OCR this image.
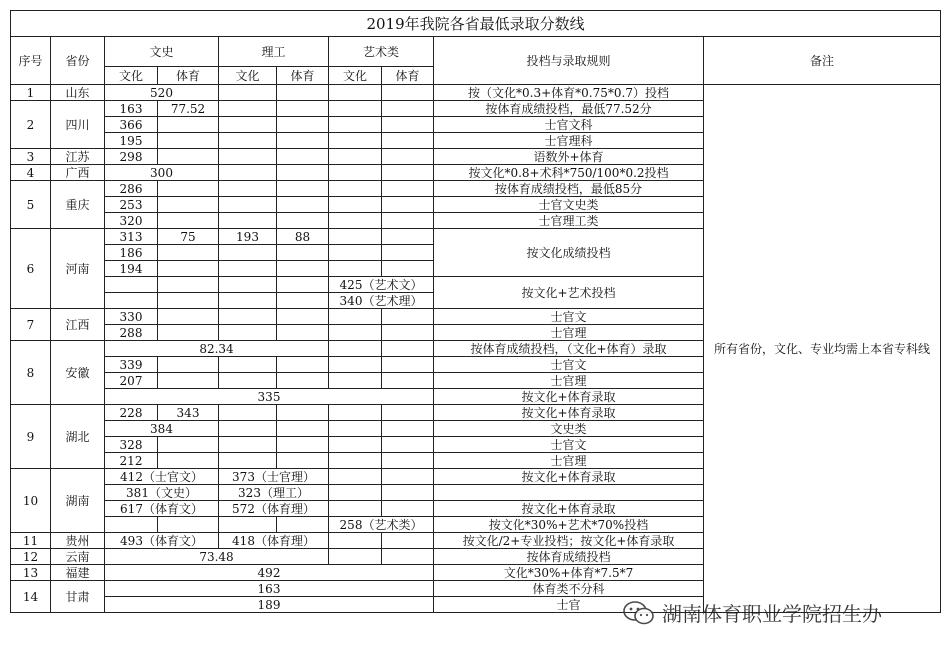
2019年我院各省最低录取分数线									
序号	省份	文史		理工		艺术类		投档与录取规则	备注
		文化	体育	文化	体育	文化	体育		
1	山东	520						按（文化*0.3+体育*0.75*0.7）投档	所有省份，文化、专业均需上本省专科线
2	四川	163	77.52					按体育成绩投档，最低77.52分	
		366						士官文科	
		195						士官理科	
3	江苏	298						语数外+体育	
4	广西	300						按文化*0.8+术科*750/100*0.2投档	
5	重庆	286						按体育成绩投档，最低85分	
		253						士官文史类	
		320						士官理工类	
6	河南	313	75	193	88			按文化成绩投档	
		186							
		194							
						425（艺术文）		按文化+艺术投档	
						340（艺术理）			
7	江西	330						士官文	
		288						士官理	
8	安徽	82.34						按体育成绩投档，（文化+体育）录取	
		339						士官文	
		207						士官理	
		335						按文化+体育录取	
9	湖北	228	343					按文化+体育录取	
		384						文史类	
		328						士官文	
		212						士官理	
10	湖南	412（士官文）		373（士官理）				按文化+体育录取	
		381（文史）		323（理工）					
		617（体育文）		572（体育理）				按文化+体育录取	
						258（艺术类）		按文化*30%+艺术*70%投档	
11	贵州	493（体育文）		418（体育理）				按文化/2+专业投档；按文化+体育录取	
12	云南	73.48						按体育成绩投档	
13	福建	492						文化*30%+体育*7.5*7	
14	甘肃	163						体育类不分科	
		189						士官		湖南体育职业学院招生办
